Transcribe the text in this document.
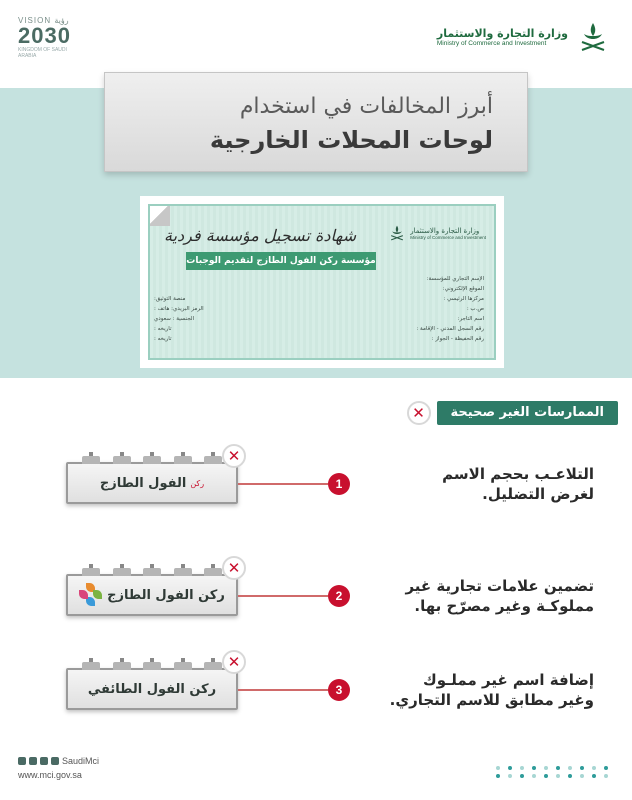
وزارة التجارة والاستثمار
Ministry of Commerce and Investment
VISION رؤية
2030
KINGDOM OF SAUDI ARABIA
أبرز المخالفات في استخدام
لوحات المحلات الخارجية
وزارة التجارة والاستثمار
Ministry of Commerce and Investment
شهادة تسجيل مؤسسة فردية
مؤسسة ركن الفول الطازج لتقديم الوجبات
الإسم التجاري للمؤسسة:
الموقع الإلكتروني:
مركزها الرئيسي :
منصة التوثيق:
ص.ب :
الرمز البريدي: هاتف :
اسم التاجر:
الجنسية : سعودي
رقم السجل المدني - الإقامة :
تاريخه :
رقم الحفيظة - الجواز :
تاريخه :
الممارسات الغير صحيحة
✕
ركن
الفول الطازج
✕
1
التلاعـب بحجم الاسم
لغرض التضليل.
ركن الفول الطازج
✕
2
تضمين علامات تجارية غير
مملوكـة وغير مصرّح بها.
ركن الفول الطائفي
✕
3
إضافة اسم غير مملـوك
وغير مطابق للاسم التجاري.
SaudiMci
www.mci.gov.sa
